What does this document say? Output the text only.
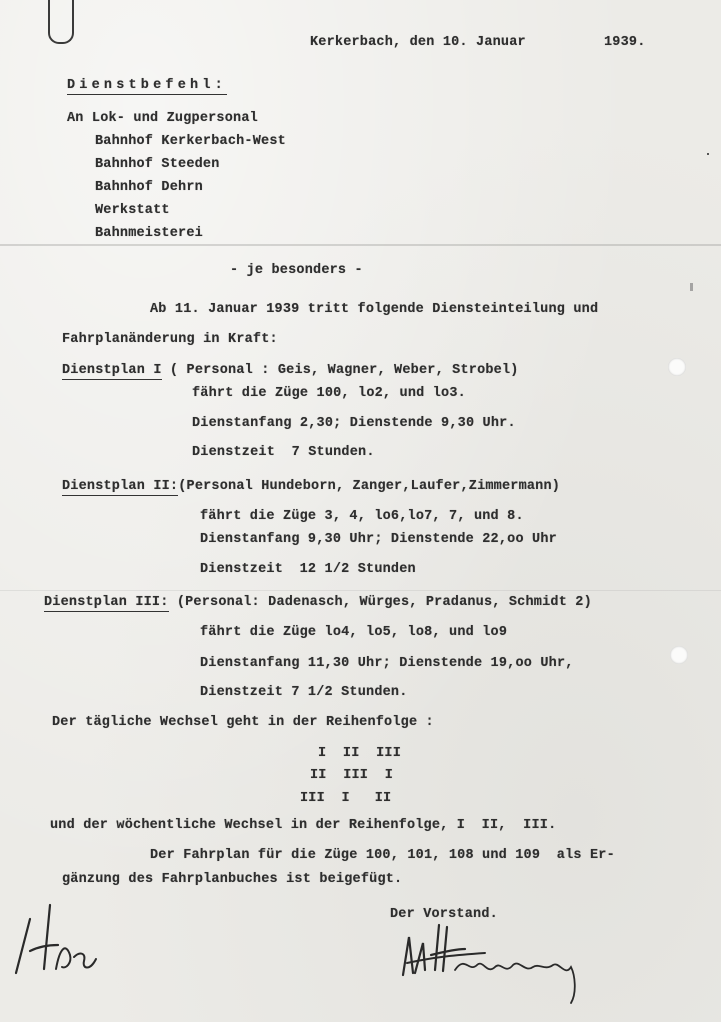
Kerkerbach, den 10. Januar	1939.
Dienstbefehl:
An Lok- und Zugpersonal
Bahnhof Kerkerbach-West
Bahnhof Steeden
Bahnhof Dehrn
Werkstatt
Bahnmeisterei
- je besonders -
Ab 11. Januar 1939 tritt folgende Diensteinteilung und
Fahrplanänderung in Kraft:
Dienstplan I ( Personal : Geis, Wagner, Weber, Strobel)
fährt die Züge 100, lo2, und lo3.
Dienstanfang 2,30; Dienstende 9,30 Uhr.
Dienstzeit  7 Stunden.
Dienstplan II:(Personal Hundeborn, Zanger,Laufer,Zimmermann)
fährt die Züge 3, 4, lo6,lo7, 7, und 8.
Dienstanfang 9,30 Uhr; Dienstende 22,oo Uhr
Dienstzeit  12 1/2 Stunden
Dienstplan III: (Personal: Dadenasch, Würges, Pradanus, Schmidt 2)
fährt die Züge lo4, lo5, lo8, und lo9
Dienstanfang 11,30 Uhr; Dienstende 19,oo Uhr,
Dienstzeit 7 1/2 Stunden.
Der tägliche Wechsel geht in der Reihenfolge :
I  II  III
II  III  I
III  I   II
und der wöchentliche Wechsel in der Reihenfolge, I  II,  III.
Der Fahrplan für die Züge 100, 101, 108 und 109  als Er-
gänzung des Fahrplanbuches ist beigefügt.
Der Vorstand.
